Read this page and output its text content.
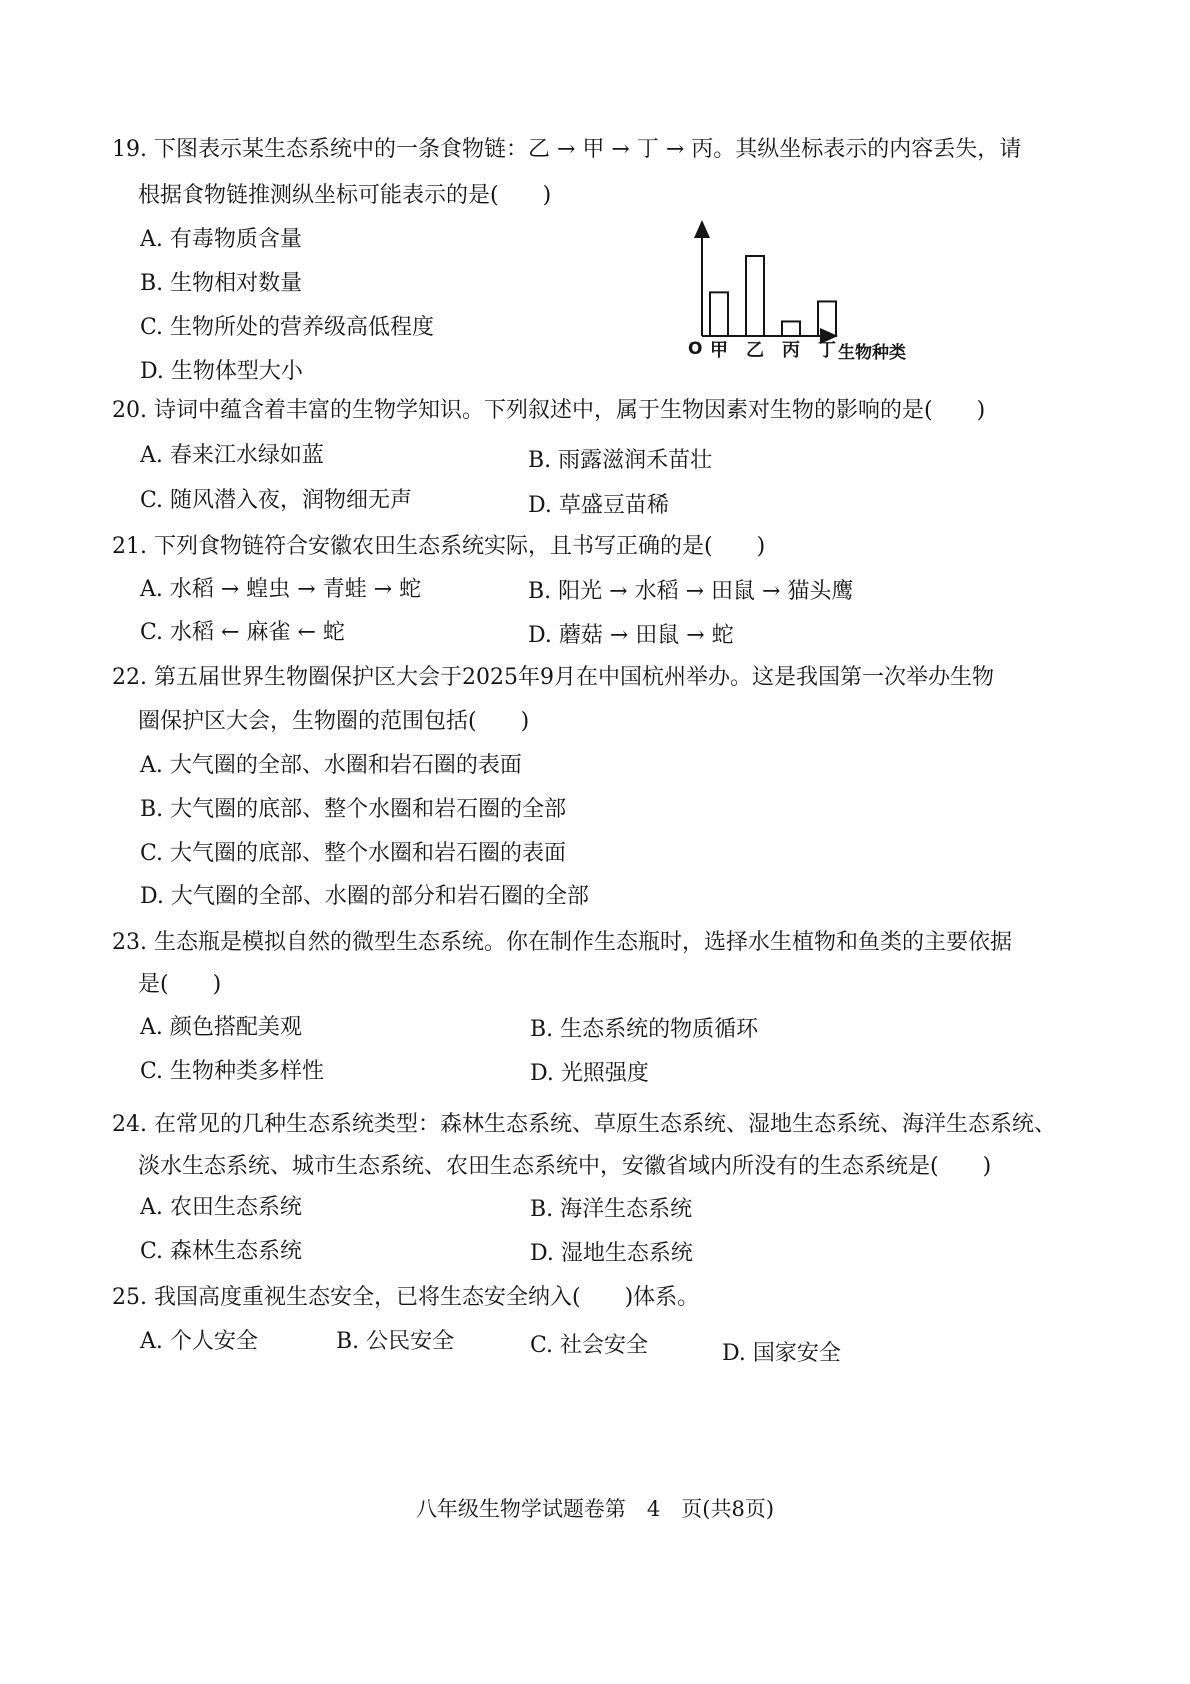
19. 下图表示某生态系统中的一条食物链：乙 → 甲 → 丁 → 丙。其纵坐标表示的内容丢失，请
根据食物链推测纵坐标可能表示的是(　　)
A. 有毒物质含量
B. 生物相对数量
C. 生物所处的营养级高低程度
D. 生物体型大小
O 甲 乙 丙 丁 生物种类
20. 诗词中蕴含着丰富的生物学知识。下列叙述中，属于生物因素对生物的影响的是(　　)
A. 春来江水绿如蓝	B. 雨露滋润禾苗壮
C. 随风潜入夜，润物细无声	D. 草盛豆苗稀
21. 下列食物链符合安徽农田生态系统实际，且书写正确的是(　　)
A. 水稻 → 蝗虫 → 青蛙 → 蛇	B. 阳光 → 水稻 → 田鼠 → 猫头鹰
C. 水稻 ← 麻雀 ← 蛇	D. 蘑菇 → 田鼠 → 蛇
22. 第五届世界生物圈保护区大会于2025年9月在中国杭州举办。这是我国第一次举办生物
圈保护区大会，生物圈的范围包括(　　)
A. 大气圈的全部、水圈和岩石圈的表面
B. 大气圈的底部、整个水圈和岩石圈的全部
C. 大气圈的底部、整个水圈和岩石圈的表面
D. 大气圈的全部、水圈的部分和岩石圈的全部
23. 生态瓶是模拟自然的微型生态系统。你在制作生态瓶时，选择水生植物和鱼类的主要依据
是(　　)
A. 颜色搭配美观	B. 生态系统的物质循环
C. 生物种类多样性	D. 光照强度
24. 在常见的几种生态系统类型：森林生态系统、草原生态系统、湿地生态系统、海洋生态系统、
淡水生态系统、城市生态系统、农田生态系统中，安徽省域内所没有的生态系统是(　　)
A. 农田生态系统	B. 海洋生态系统
C. 森林生态系统	D. 湿地生态系统
25. 我国高度重视生态安全，已将生态安全纳入(　　)体系。
A. 个人安全	B. 公民安全	C. 社会安全	D. 国家安全
八年级生物学试题卷第　4　页(共8页)
